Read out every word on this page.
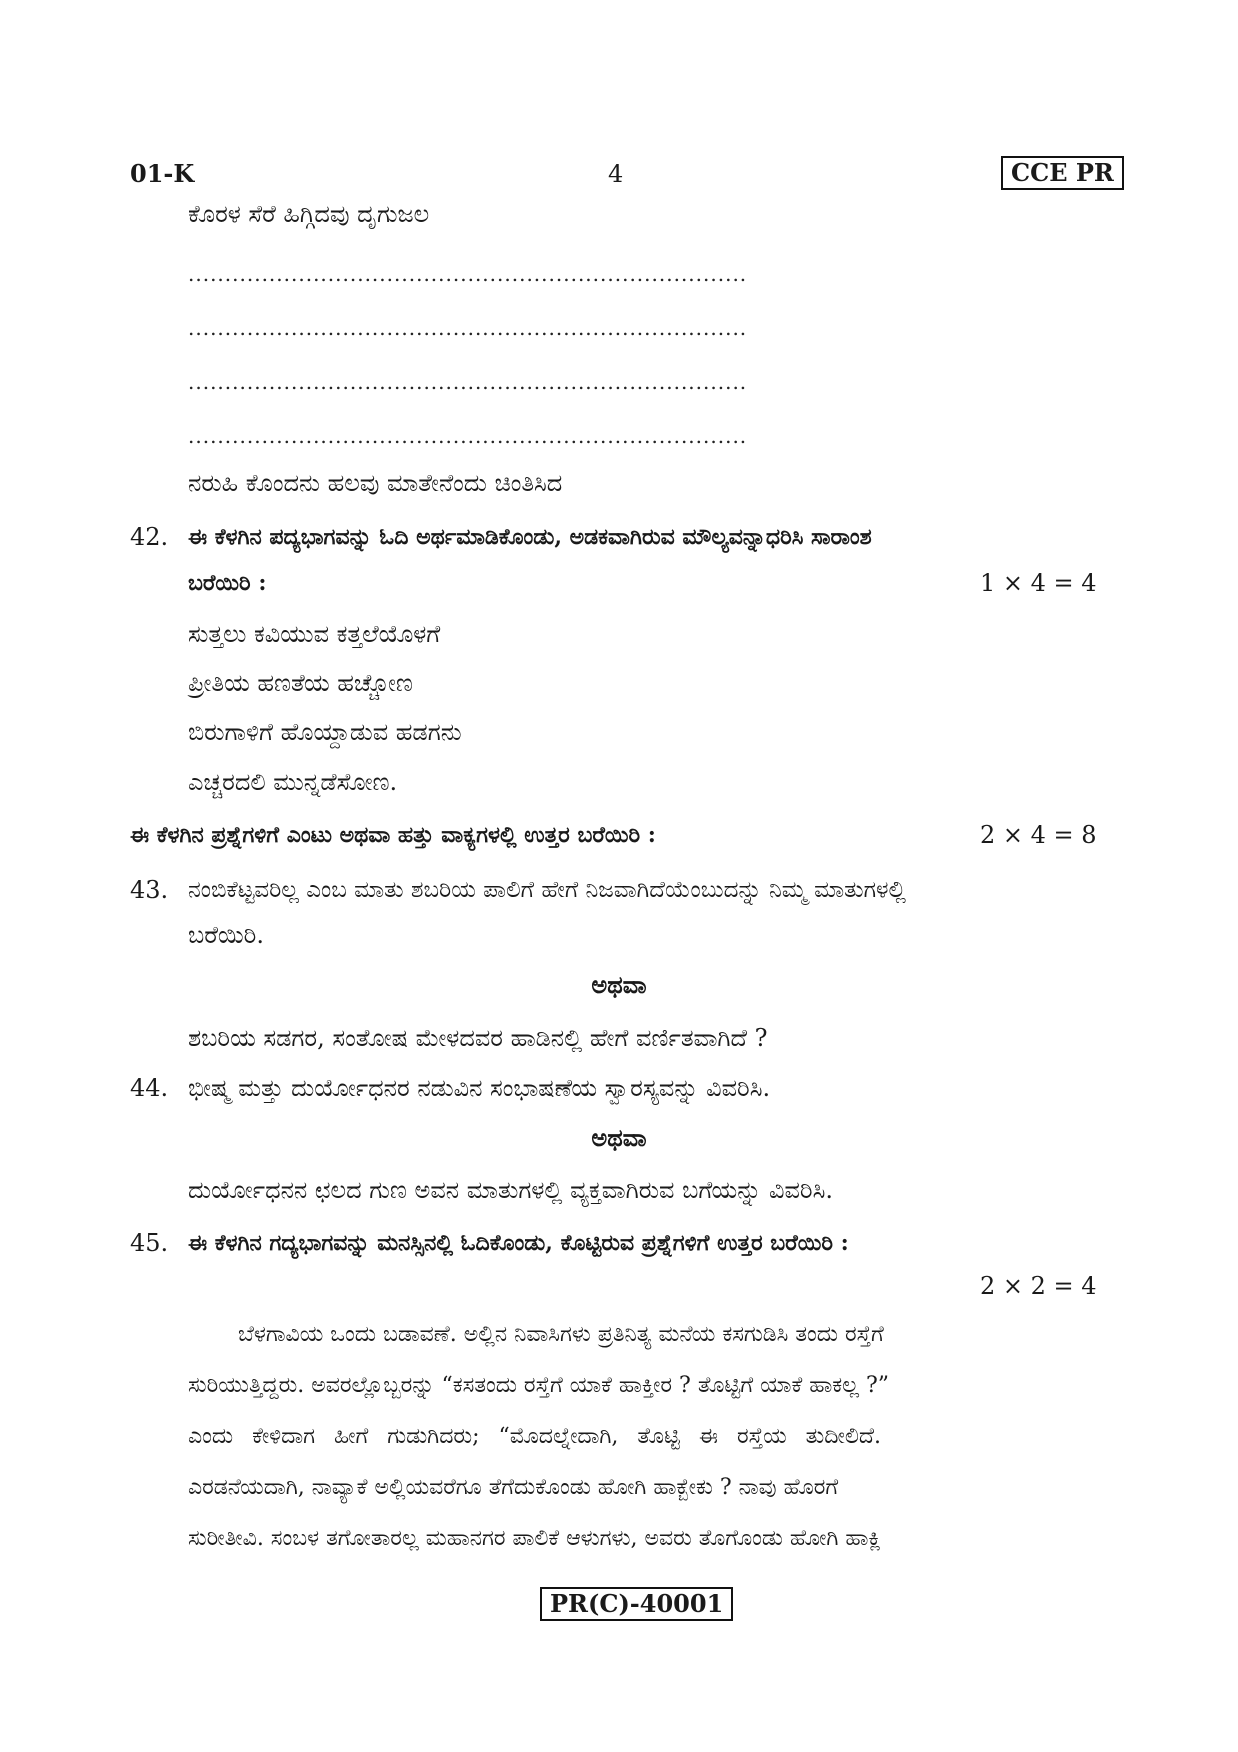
01-K	4	CCE PR
ಕೊರಳ ಸೆರೆ ಹಿಗ್ಗಿದವು ದೃಗುಜಲ
............................................................................
............................................................................
............................................................................
............................................................................
ನರುಹಿ ಕೊಂದನು ಹಲವು ಮಾತೇನೆಂದು ಚಿಂತಿಸಿದ
42. ಈ ಕೆಳಗಿನ ಪದ್ಯಭಾಗವನ್ನು ಓದಿ ಅರ್ಥಮಾಡಿಕೊಂಡು, ಅಡಕವಾಗಿರುವ ಮೌಲ್ಯವನ್ನಾಧರಿಸಿ ಸಾರಾಂಶ
ಬರೆಯಿರಿ :	1 × 4 = 4
ಸುತ್ತಲು ಕವಿಯುವ ಕತ್ತಲೆಯೊಳಗೆ
ಪ್ರೀತಿಯ ಹಣತೆಯ ಹಚ್ಚೋಣ
ಬಿರುಗಾಳಿಗೆ ಹೊಯ್ದಾಡುವ ಹಡಗನು
ಎಚ್ಚರದಲಿ ಮುನ್ನಡೆಸೋಣ.
ಈ ಕೆಳಗಿನ ಪ್ರಶ್ನೆಗಳಿಗೆ ಎಂಟು ಅಥವಾ ಹತ್ತು ವಾಕ್ಯಗಳಲ್ಲಿ ಉತ್ತರ ಬರೆಯಿರಿ :	2 × 4 = 8
43. ನಂಬಿಕೆಟ್ಟವರಿಲ್ಲ ಎಂಬ ಮಾತು ಶಬರಿಯ ಪಾಲಿಗೆ ಹೇಗೆ ನಿಜವಾಗಿದೆಯೆಂಬುದನ್ನು ನಿಮ್ಮ ಮಾತುಗಳಲ್ಲಿ
ಬರೆಯಿರಿ.
ಅಥವಾ
ಶಬರಿಯ ಸಡಗರ, ಸಂತೋಷ ಮೇಳದವರ ಹಾಡಿನಲ್ಲಿ ಹೇಗೆ ವರ್ಣಿತವಾಗಿದೆ ?
44. ಭೀಷ್ಮ ಮತ್ತು ದುರ್ಯೋಧನರ ನಡುವಿನ ಸಂಭಾಷಣೆಯ ಸ್ವಾರಸ್ಯವನ್ನು ವಿವರಿಸಿ.
ಅಥವಾ
ದುರ್ಯೋಧನನ ಛಲದ ಗುಣ ಅವನ ಮಾತುಗಳಲ್ಲಿ ವ್ಯಕ್ತವಾಗಿರುವ ಬಗೆಯನ್ನು ವಿವರಿಸಿ.
45. ಈ ಕೆಳಗಿನ ಗದ್ಯಭಾಗವನ್ನು ಮನಸ್ಸಿನಲ್ಲಿ ಓದಿಕೊಂಡು, ಕೊಟ್ಟಿರುವ ಪ್ರಶ್ನೆಗಳಿಗೆ ಉತ್ತರ ಬರೆಯಿರಿ :
2 × 2 = 4
ಬೆಳಗಾವಿಯ ಒಂದು ಬಡಾವಣೆ. ಅಲ್ಲಿನ ನಿವಾಸಿಗಳು ಪ್ರತಿನಿತ್ಯ ಮನೆಯ ಕಸಗುಡಿಸಿ ತಂದು ರಸ್ತೆಗೆ
ಸುರಿಯುತ್ತಿದ್ದರು. ಅವರಲ್ಲೊಬ್ಬರನ್ನು “ಕಸತಂದು ರಸ್ತೆಗೆ ಯಾಕೆ ಹಾಕ್ತೀರ ? ತೊಟ್ಟಿಗೆ ಯಾಕೆ ಹಾಕಲ್ಲ ?”
ಎಂದು ಕೇಳಿದಾಗ ಹೀಗೆ ಗುಡುಗಿದರು; “ಮೊದಲ್ನೇದಾಗಿ, ತೊಟ್ಟಿ ಈ ರಸ್ತೆಯ ತುದೀಲಿದೆ.
ಎರಡನೆಯದಾಗಿ, ನಾವ್ಯಾಕೆ ಅಲ್ಲಿಯವರೆಗೂ ತೆಗೆದುಕೊಂಡು ಹೋಗಿ ಹಾಕ್ಬೇಕು ? ನಾವು ಹೊರಗೆ
ಸುರೀತೀವಿ. ಸಂಬಳ ತಗೋತಾರಲ್ಲ ಮಹಾನಗರ ಪಾಲಿಕೆ ಆಳುಗಳು, ಅವರು ತೊಗೊಂಡು ಹೋಗಿ ಹಾಕ್ಲಿ
PR(C)-40001
